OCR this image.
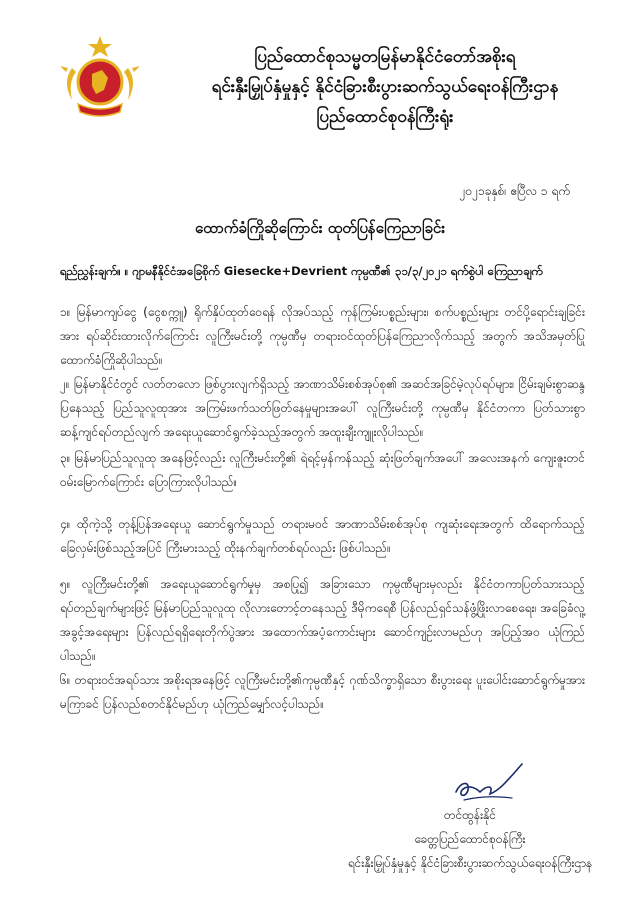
ပြည်ထောင်စုသမ္မတမြန်မာနိုင်ငံတော်အစိုးရ
ရင်းနှီးမြှုပ်နှံမှုနှင့် နိုင်ငံခြားစီးပွားဆက်သွယ်ရေးဝန်ကြီးဌာန
ပြည်ထောင်စုဝန်ကြီးရုံး
၂၀၂၁ခုနှစ်၊ ဧပြီလ ၁ ရက်
ထောက်ခံကြိုဆိုကြောင်း ထုတ်ပြန်ကြေညာခြင်း
ရည်ညွှန်းချက်။ ။ ဂျာမနီနိုင်ငံအခြေစိုက် Giesecke+Devrient ကုမ္ပဏီ၏ ၃၁/၃/၂၀၂၁ ရက်စွဲပါ ကြေညာချက်
၁။ မြန်မာကျပ်ငွေ (ငွေစက္ကူ) ရိုက်နှိပ်ထုတ်ဝေရန် လိုအပ်သည့် ကုန်ကြမ်းပစ္စည်းများ၊ စက်ပစ္စည်းများ တင်ပို့ရောင်းချခြင်းအား ရပ်ဆိုင်းထားလိုက်ကြောင်း လူကြီးမင်းတို့ ကုမ္ပဏီမှ တရားဝင်ထုတ်ပြန်ကြေညာလိုက်သည့် အတွက် အသိအမှတ်ပြု ထောက်ခံကြိုဆိုပါသည်။
၂။ မြန်မာနိုင်ငံတွင် လတ်တလော ဖြစ်ပွားလျက်ရှိသည့် အာဏာသိမ်းစစ်အုပ်စု၏ အဆင်အခြင်မဲ့လုပ်ရပ်များ၊ ငြိမ်းချမ်းစွာဆန္ဒပြနေသည့် ပြည်သူလူထုအား အကြမ်းဖက်သတ်ဖြတ်နေမှုများအပေါ် လူကြီးမင်းတို့ ကုမ္ပဏီမှ နိုင်ငံတကာ ပြတ်သားစွာဆန့်ကျင်ရပ်တည်လျက် အရေးယူဆောင်ရွက်ခဲ့သည့်အတွက် အထူးချီးကျူးလိုပါသည်။
၃။ မြန်မာပြည်သူလူထု အနေဖြင့်လည်း လူကြီးမင်းတို့၏ ရဲရင့်မှန်ကန်သည့် ဆုံးဖြတ်ချက်အပေါ် အလေးအနက် ကျေးဇူးတင် ဝမ်းမြောက်ကြောင်း ပြောကြားလိုပါသည်။
၄။ ထိုကဲ့သို့ တုန့်ပြန်အရေးယူ ဆောင်ရွက်မှုသည် တရားမဝင် အာဏာသိမ်းစစ်အုပ်စု ကျဆုံးရေးအတွက် ထိရောက်သည့် ခြေလှမ်းဖြစ်သည့်အပြင် ကြီးမားသည့် ထိုးနက်ချက်တစ်ရပ်လည်း ဖြစ်ပါသည်။
၅။ လူကြီးမင်းတို့၏ အရေးယူဆောင်ရွက်မှုမှ အစပြု၍ အခြားသော ကုမ္ပဏီများမှလည်း နိုင်ငံတကာပြတ်သားသည့် ရပ်တည်ချက်များဖြင့် မြန်မာပြည်သူလူထု လိုလားတောင့်တနေသည့် ဒီမိုကရေစီ ပြန်လည်ရှင်သန်ဖွံ့ဖြိုးလာစေရေး၊ အခြေခံလူ့အခွင့်အရေးများ ပြန်လည်ရရှိရေးတိုက်ပွဲအား အထောက်အပံ့ကောင်းများ ဆောင်ကျဉ်းလာမည်ဟု အပြည့်အဝ ယုံကြည်ပါသည်။
၆။ တရားဝင်အရပ်သား အစိုးရအနေဖြင့် လူကြီးမင်းတို့၏ကုမ္ပဏီနှင့် ဂုဏ်သိက္ခာရှိသော စီးပွားရေး ပူးပေါင်းဆောင်ရွက်မှုအား မကြာခင် ပြန်လည်စတင်နိုင်မည်ဟု ယုံကြည်မျှော်လင့်ပါသည်။
တင်ထွန်းနိုင်
ခေတ္တပြည်ထောင်စုဝန်ကြီး
ရင်းနှီးမြှုပ်နှံမှုနှင့် နိုင်ငံခြားစီးပွားဆက်သွယ်ရေးဝန်ကြီးဌာန
